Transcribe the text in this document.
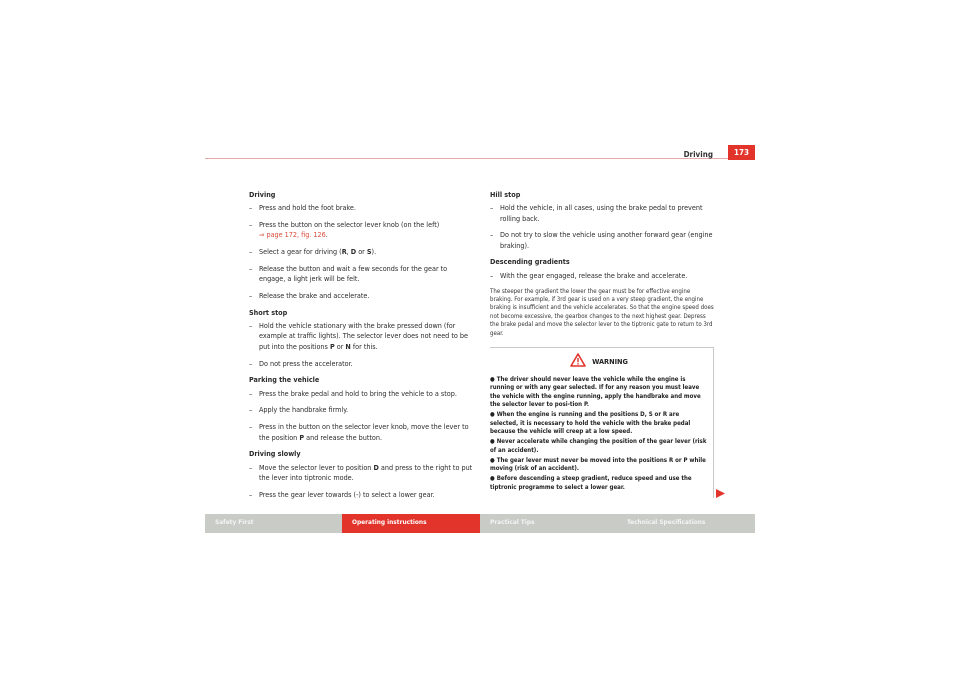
Driving	173
Driving
– Press and hold the foot brake.
– Press the button on the selector lever knob (on the left)
⇒ page 172, fig. 126.
– Select a gear for driving (R, D or S).
– Release the button and wait a few seconds for the gear to engage, a light jerk will be felt.
– Release the brake and accelerate.
Short stop
– Hold the vehicle stationary with the brake pressed down (for example at traffic lights). The selector lever does not need to be put into the positions P or N for this.
– Do not press the accelerator.
Parking the vehicle
– Press the brake pedal and hold to bring the vehicle to a stop.
– Apply the handbrake firmly.
– Press in the button on the selector lever knob, move the lever to the position P and release the button.
Driving slowly
– Move the selector lever to position D and press to the right to put the lever into tiptronic mode.
– Press the gear lever towards (-) to select a lower gear.
Hill stop
– Hold the vehicle, in all cases, using the brake pedal to prevent rolling back.
– Do not try to slow the vehicle using another forward gear (engine braking).
Descending gradients
– With the gear engaged, release the brake and accelerate.
The steeper the gradient the lower the gear must be for effective engine braking. For example, if 3rd gear is used on a very steep gradient, the engine braking is insufficient and the vehicle accelerates. So that the engine speed does not become excessive, the gearbox changes to the next highest gear. Depress the brake pedal and move the selector lever to the tiptronic gate to return to 3rd gear.
WARNING

● The driver should never leave the vehicle while the engine is running or with any gear selected. If for any reason you must leave the vehicle with the engine running, apply the handbrake and move the selector lever to posi-tion P.

● When the engine is running and the positions D, S or R are selected, it is necessary to hold the vehicle with the brake pedal because the vehicle will creep at a low speed.

● Never accelerate while changing the position of the gear lever (risk of an accident).

● The gear lever must never be moved into the positions R or P while moving (risk of an accident).

● Before descending a steep gradient, reduce speed and use the tiptronic programme to select a lower gear.

Safety First	Operating instructions	Practical Tips	Technical Specifications
